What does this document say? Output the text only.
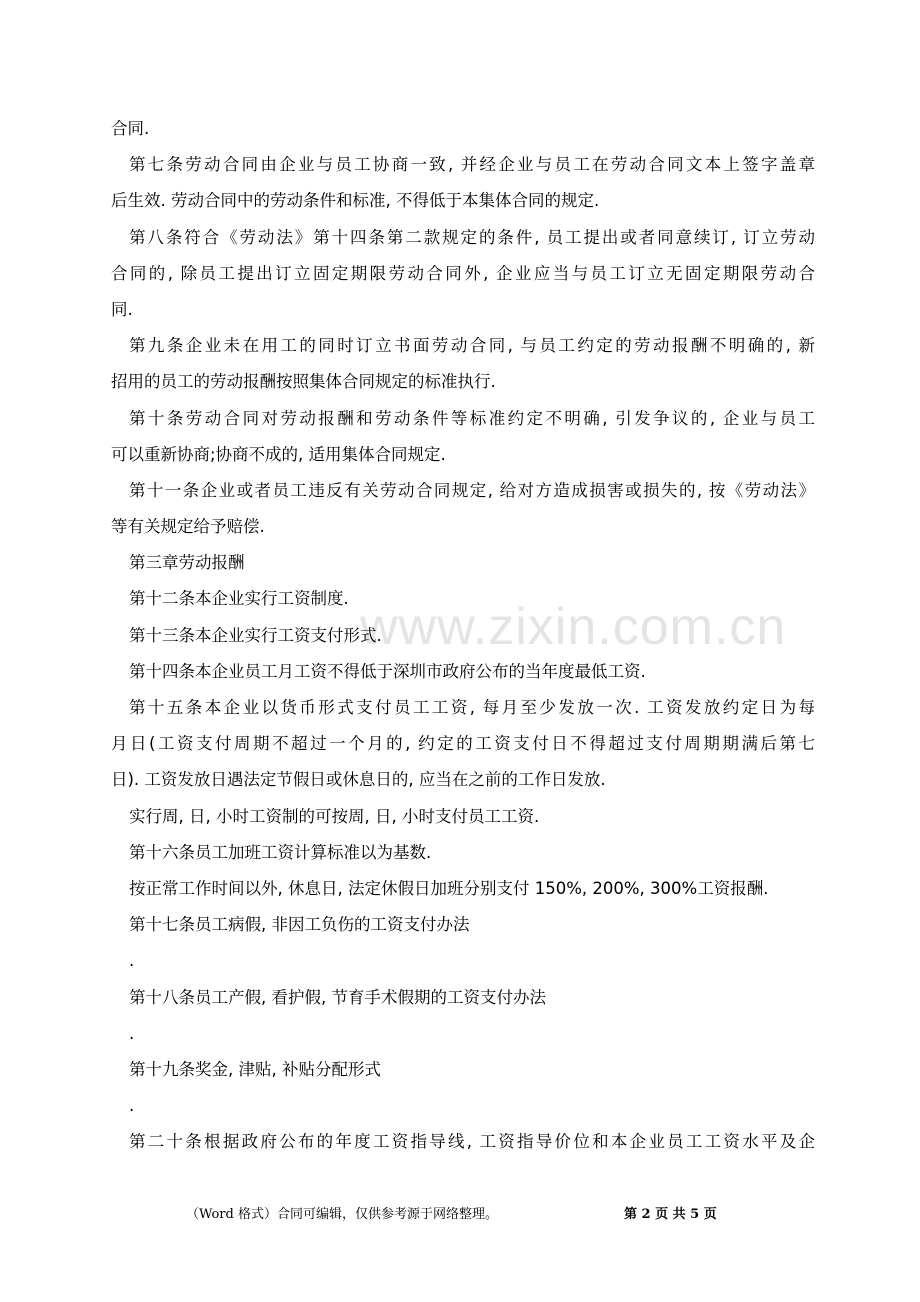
www.zixin.com.cn
合同.
第七条劳动合同由企业与员工协商一致, 并经企业与员工在劳动合同文本上签字盖章
后生效. 劳动合同中的劳动条件和标准, 不得低于本集体合同的规定.
第八条符合《劳动法》第十四条第二款规定的条件, 员工提出或者同意续订, 订立劳动
合同的, 除员工提出订立固定期限劳动合同外, 企业应当与员工订立无固定期限劳动合
同.
第九条企业未在用工的同时订立书面劳动合同, 与员工约定的劳动报酬不明确的, 新
招用的员工的劳动报酬按照集体合同规定的标准执行.
第十条劳动合同对劳动报酬和劳动条件等标准约定不明确, 引发争议的, 企业与员工
可以重新协商;协商不成的, 适用集体合同规定.
第十一条企业或者员工违反有关劳动合同规定, 给对方造成损害或损失的, 按《劳动法》
等有关规定给予赔偿.
第三章劳动报酬
第十二条本企业实行工资制度.
第十三条本企业实行工资支付形式.
第十四条本企业员工月工资不得低于深圳市政府公布的当年度最低工资.
第十五条本企业以货币形式支付员工工资, 每月至少发放一次. 工资发放约定日为每
月日(工资支付周期不超过一个月的, 约定的工资支付日不得超过支付周期期满后第七
日). 工资发放日遇法定节假日或休息日的, 应当在之前的工作日发放.
实行周, 日, 小时工资制的可按周, 日, 小时支付员工工资.
第十六条员工加班工资计算标准以为基数.
按正常工作时间以外, 休息日, 法定休假日加班分别支付 150%, 200%, 300%工资报酬.
第十七条员工病假, 非因工负伤的工资支付办法
.
第十八条员工产假, 看护假, 节育手术假期的工资支付办法
.
第十九条奖金, 津贴, 补贴分配形式
.
第二十条根据政府公布的年度工资指导线, 工资指导价位和本企业员工工资水平及企
（Word 格式）合同可编辑，仅供参考源于网络整理。	第 2 页 共 5 页
